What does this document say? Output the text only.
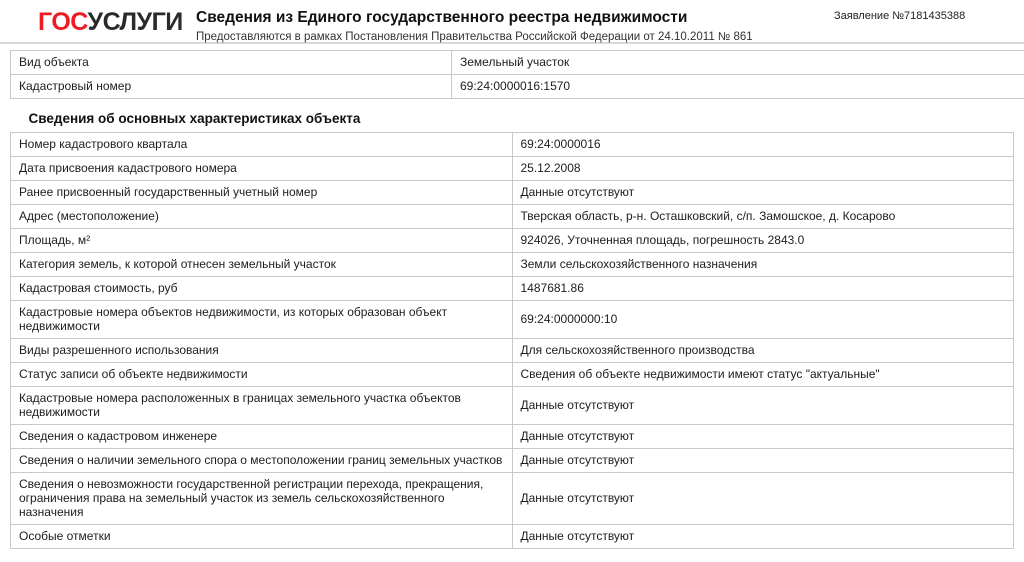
ГОСУСЛУГИ Сведения из Единого государственного реестра недвижимости
Предоставляются в рамках Постановления Правительства Российской Федерации от 24.10.2011 № 861
Заявление №7181435388
Вид объекта	Земельный участок
Кадастровый номер	69:24:0000016:1570

Сведения об основных характеристиках объекта	
Номер кадастрового квартала	69:24:0000016
Дата присвоения кадастрового номера	25.12.2008
Ранее присвоенный государственный учетный номер	Данные отсутствуют
Адрес (местоположение)	Тверская область, р-н. Осташковский, с/п. Замошское, д. Косарово
Площадь, м²	924026, Уточненная площадь, погрешность 2843.0
Категория земель, к которой отнесен земельный участок	Земли сельскохозяйственного назначения
Кадастровая стоимость, руб	1487681.86
Кадастровые номера объектов недвижимости, из которых образован объект недвижимости	69:24:0000000:10
Виды разрешенного использования	Для сельскохозяйственного производства
Статус записи об объекте недвижимости	Сведения об объекте недвижимости имеют статус "актуальные"
Кадастровые номера расположенных в границах земельного участка объектов недвижимости	Данные отсутствуют
Сведения о кадастровом инженере	Данные отсутствуют
Сведения о наличии земельного спора о местоположении границ земельных участков	Данные отсутствуют
Сведения о невозможности государственной регистрации перехода, прекращения, ограничения права на земельный участок из земель сельскохозяйственного назначения	Данные отсутствуют
Особые отметки	Данные отсутствуют
